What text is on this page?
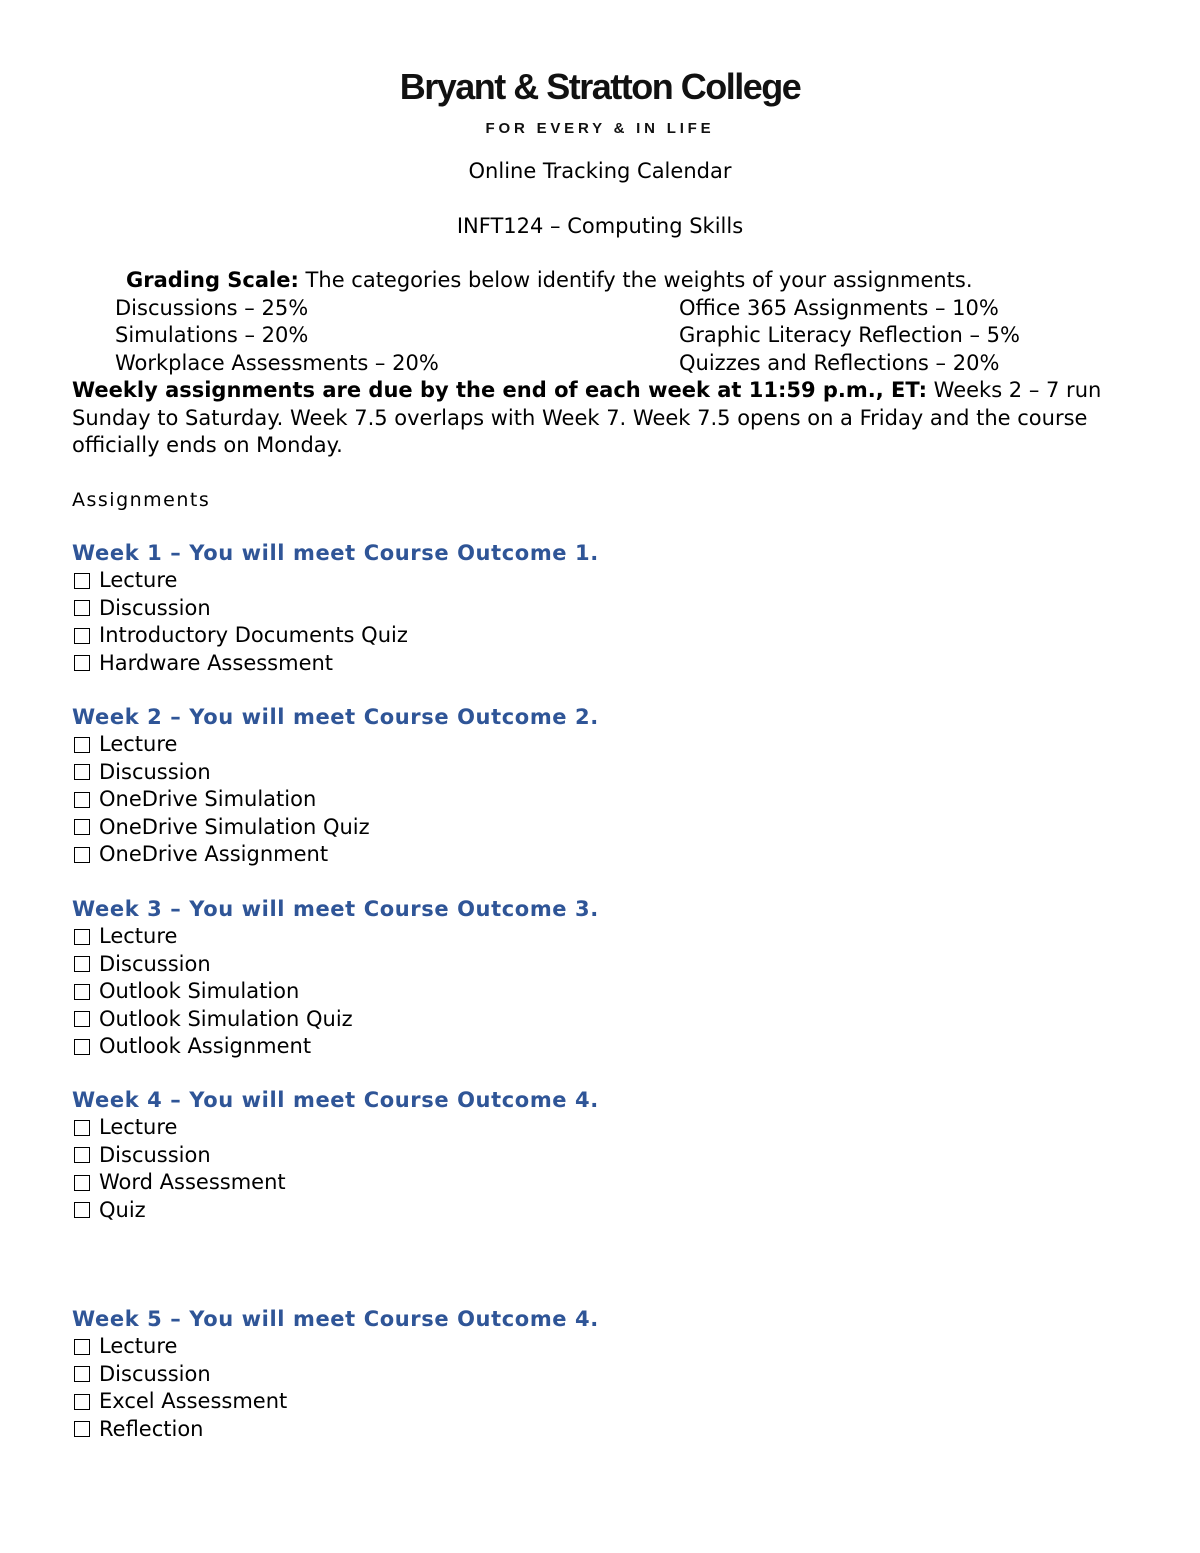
Bryant & Stratton College
FOR EVERY & IN LIFE
Online Tracking Calendar
INFT124 – Computing Skills
Grading Scale: The categories below identify the weights of your assignments.
Discussions – 25%	Office 365 Assignments – 10%
Simulations – 20%	Graphic Literacy Reflection – 5%
Workplace Assessments – 20%	Quizzes and Reflections – 20%
Weekly assignments are due by the end of each week at 11:59 p.m., ET: Weeks 2 – 7 run Sunday to Saturday. Week 7.5 overlaps with Week 7. Week 7.5 opens on a Friday and the course officially ends on Monday.
Assignments
Week 1 – You will meet Course Outcome 1.
Lecture
Discussion
Introductory Documents Quiz
Hardware Assessment
Week 2 – You will meet Course Outcome 2.
Lecture
Discussion
OneDrive Simulation
OneDrive Simulation Quiz
OneDrive Assignment
Week 3 – You will meet Course Outcome 3.
Lecture
Discussion
Outlook Simulation
Outlook Simulation Quiz
Outlook Assignment
Week 4 – You will meet Course Outcome 4.
Lecture
Discussion
Word Assessment
Quiz
Week 5 – You will meet Course Outcome 4.
Lecture
Discussion
Excel Assessment
Reflection
